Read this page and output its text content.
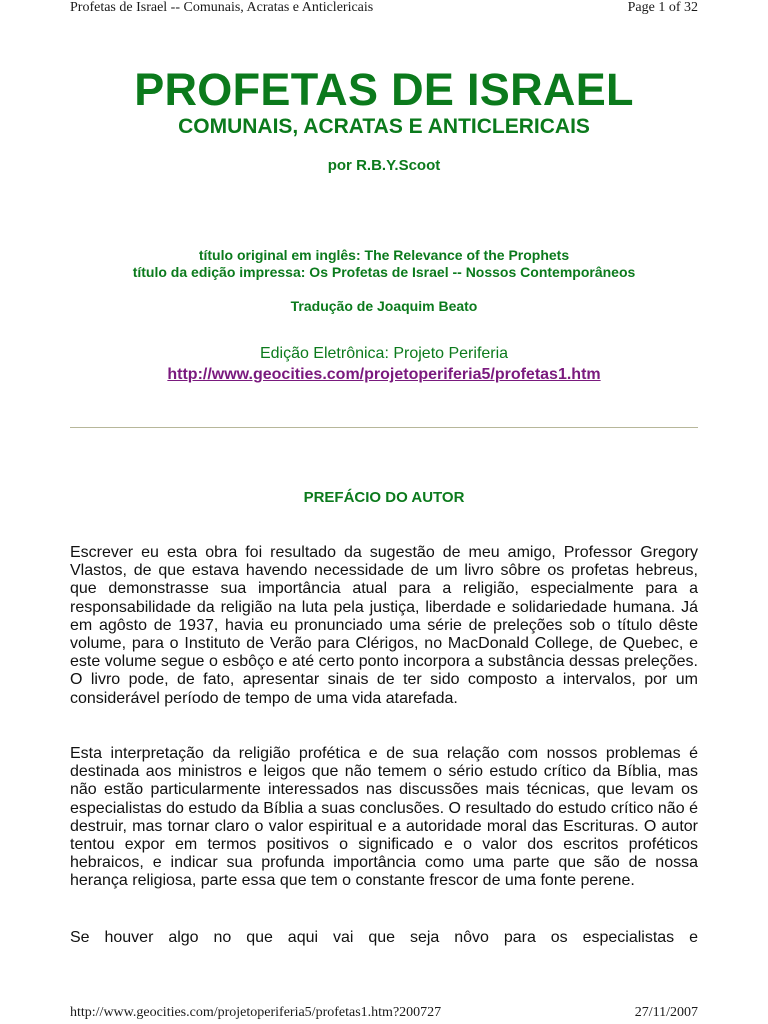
Profetas de Israel -- Comunais, Acratas e Anticlericais	Page 1 of 32
PROFETAS DE ISRAEL
COMUNAIS, ACRATAS E ANTICLERICAIS
por R.B.Y.Scoot
título original em inglês: The Relevance of the Prophets
título da edição impressa: Os Profetas de Israel -- Nossos Contemporâneos
Tradução de Joaquim Beato
Edição Eletrônica: Projeto Periferia
http://www.geocities.com/projetoperiferia5/profetas1.htm
PREFÁCIO DO AUTOR

Escrever eu esta obra foi resultado da sugestão de meu amigo, Professor Gregory Vlastos, de que estava havendo necessidade de um livro sôbre os profetas hebreus, que demonstrasse sua importância atual para a religião, especialmente para a responsabilidade da religião na luta pela justiça, liberdade e solidariedade humana. Já em agôsto de 1937, havia eu pronunciado uma série de preleções sob o título dêste volume, para o Instituto de Verão para Clérigos, no MacDonald College, de Quebec, e este volume segue o esbôço e até certo ponto incorpora a substância dessas preleções. O livro pode, de fato, apresentar sinais de ter sido composto a intervalos, por um considerável período de tempo de uma vida atarefada.

Esta interpretação da religião profética e de sua relação com nossos problemas é destinada aos ministros e leigos que não temem o sério estudo crítico da Bíblia, mas não estão particularmente interessados nas discussões mais técnicas, que levam os especialistas do estudo da Bíblia a suas conclusões. O resultado do estudo crítico não é destruir, mas tornar claro o valor espiritual e a autoridade moral das Escrituras. O autor tentou expor em termos positivos o significado e o valor dos escritos proféticos hebraicos, e indicar sua profunda importância como uma parte que são de nossa herança religiosa, parte essa que tem o constante frescor de uma fonte perene.

Se houver algo no que aqui vai que seja nôvo para os especialistas e

http://www.geocities.com/projetoperiferia5/profetas1.htm?200727	27/11/2007
